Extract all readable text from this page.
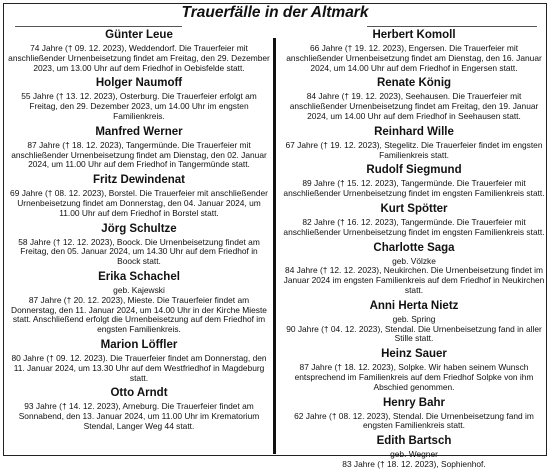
Trauerfälle in der Altmark
Günter Leue
74 Jahre († 09. 12. 2023), Weddendorf. Die Trauerfeier mit anschließender Urnenbeisetzung findet am Freitag, den 29. Dezember 2023, um 13.00 Uhr auf dem Friedhof in Oebisfelde statt.
Holger Naumoff
55 Jahre († 13. 12. 2023), Osterburg. Die Trauerfeier erfolgt am Freitag, den 29. Dezember 2023, um 14.00 Uhr im engsten Familienkreis.
Manfred Werner
87 Jahre († 18. 12. 2023), Tangermünde. Die Trauerfeier mit anschließender Urnenbeisetzung findet am Dienstag, den 02. Januar 2024, um 11.00 Uhr auf dem Friedhof in Tangermünde statt.
Fritz Dewindenat
69 Jahre († 08. 12. 2023), Borstel. Die Trauerfeier mit anschließender Urnenbeisetzung findet am Donnerstag, den 04. Januar 2024, um 11.00 Uhr auf dem Friedhof in Borstel statt.
Jörg Schultze
58 Jahre († 12. 12. 2023), Boock. Die Urnenbeisetzung findet am Freitag, den 05. Januar 2024, um 14.30 Uhr auf dem Friedhof in Boock statt.
Erika Schachel
geb. Kajewski
87 Jahre († 20. 12. 2023), Mieste. Die Trauerfeier findet am Donnerstag, den 11. Januar 2024, um 14.00 Uhr in der Kirche Mieste statt. Anschließend erfolgt die Urnenbeisetzung auf dem Friedhof im engsten Familienkreis.
Marion Löffler
80 Jahre († 09. 12. 2023). Die Trauerfeier findet am Donnerstag, den 11. Januar 2024, um 13.30 Uhr auf dem Westfriedhof in Magdeburg statt.
Otto Arndt
93 Jahre († 14. 12. 2023), Arneburg. Die Trauerfeier findet am Sonnabend, den 13. Januar 2024, um 11.00 Uhr im Krematorium Stendal, Langer Weg 44 statt.
Herbert Komoll
66 Jahre († 19. 12. 2023), Engersen. Die Trauerfeier mit anschließender Urnenbeisetzung findet am Dienstag, den 16. Januar 2024, um 14.00 Uhr auf dem Friedhof in Engersen statt.
Renate König
84 Jahre († 19. 12. 2023), Seehausen. Die Trauerfeier mit anschließender Urnenbeisetzung findet am Freitag, den 19. Januar 2024, um 14.00 Uhr auf dem Friedhof in Seehausen statt.
Reinhard Wille
67 Jahre († 19. 12. 2023), Stegelitz. Die Trauerfeier findet im engsten Familienkreis statt.
Rudolf Siegmund
89 Jahre († 15. 12. 2023), Tangermünde. Die Trauerfeier mit anschließender Urnenbeisetzung findet im engsten Familienkreis statt.
Kurt Spötter
82 Jahre († 16. 12. 2023), Tangermünde. Die Trauerfeier mit anschließender Urnenbeisetzung findet im engsten Familienkreis statt.
Charlotte Saga
geb. Völzke
84 Jahre († 12. 12. 2023), Neukirchen. Die Urnenbeisetzung findet im Januar 2024 im engsten Familienkreis auf dem Friedhof in Neukirchen statt.
Anni Herta Nietz
geb. Spring
90 Jahre († 04. 12. 2023), Stendal. Die Urnenbeisetzung fand in aller Stille statt.
Heinz Sauer
87 Jahre († 18. 12. 2023), Solpke. Wir haben seinem Wunsch entsprechend im Familienkreis auf dem Friedhof Solpke von ihm Abschied genommen.
Henry Bahr
62 Jahre († 08. 12. 2023), Stendal. Die Urnenbeisetzung fand im engsten Familienkreis statt.
Edith Bartsch
geb. Wegner
83 Jahre († 18. 12. 2023), Sophienhof.
